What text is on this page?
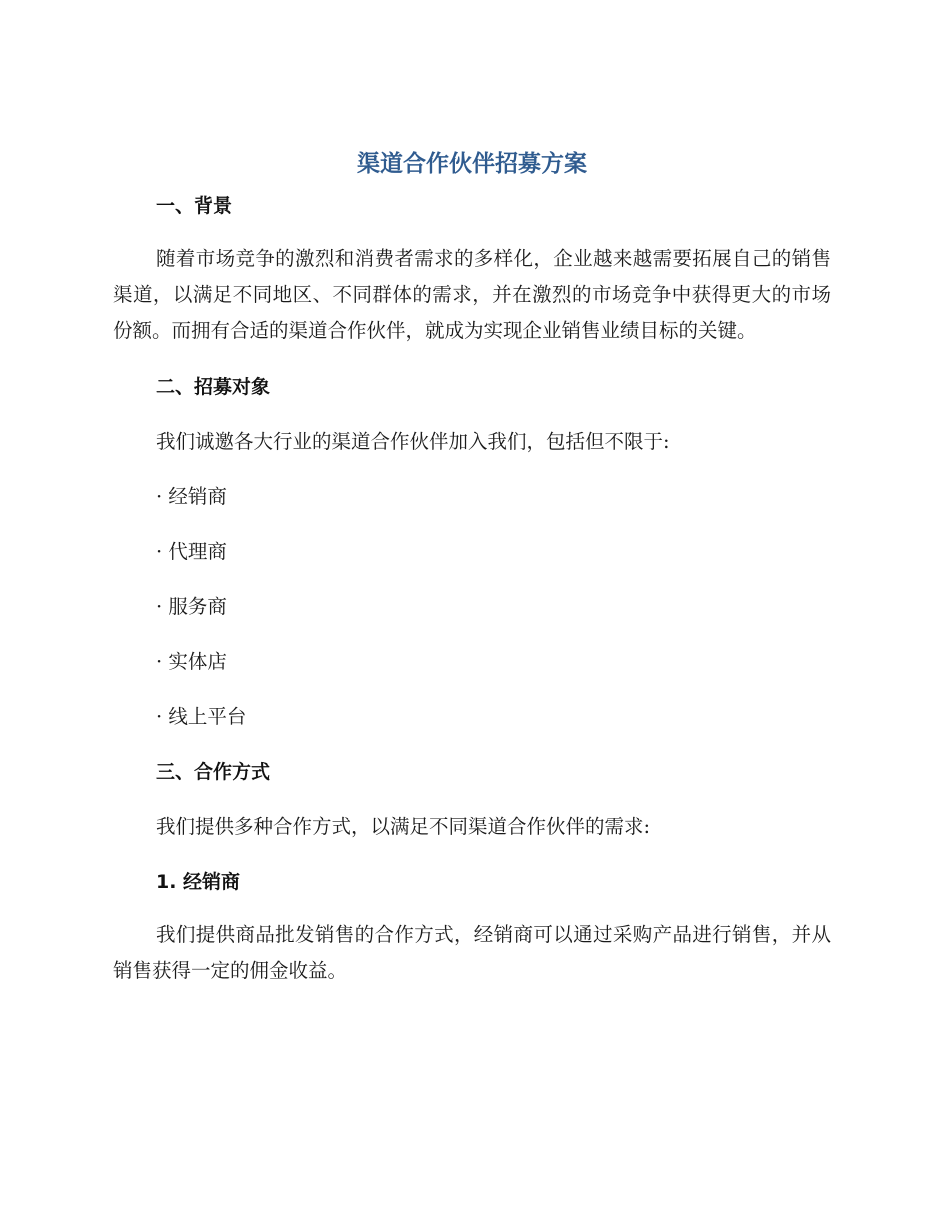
渠道合作伙伴招募方案
一、背景

随着市场竞争的激烈和消费者需求的多样化，企业越来越需要拓展自己的销售渠道，以满足不同地区、不同群体的需求，并在激烈的市场竞争中获得更大的市场份额。而拥有合适的渠道合作伙伴，就成为实现企业销售业绩目标的关键。

二、招募对象

我们诚邀各大行业的渠道合作伙伴加入我们，包括但不限于:

· 经销商

· 代理商

· 服务商

· 实体店

· 线上平台

三、合作方式

我们提供多种合作方式，以满足不同渠道合作伙伴的需求:

1. 经销商

我们提供商品批发销售的合作方式，经销商可以通过采购产品进行销售，并从销售获得一定的佣金收益。
